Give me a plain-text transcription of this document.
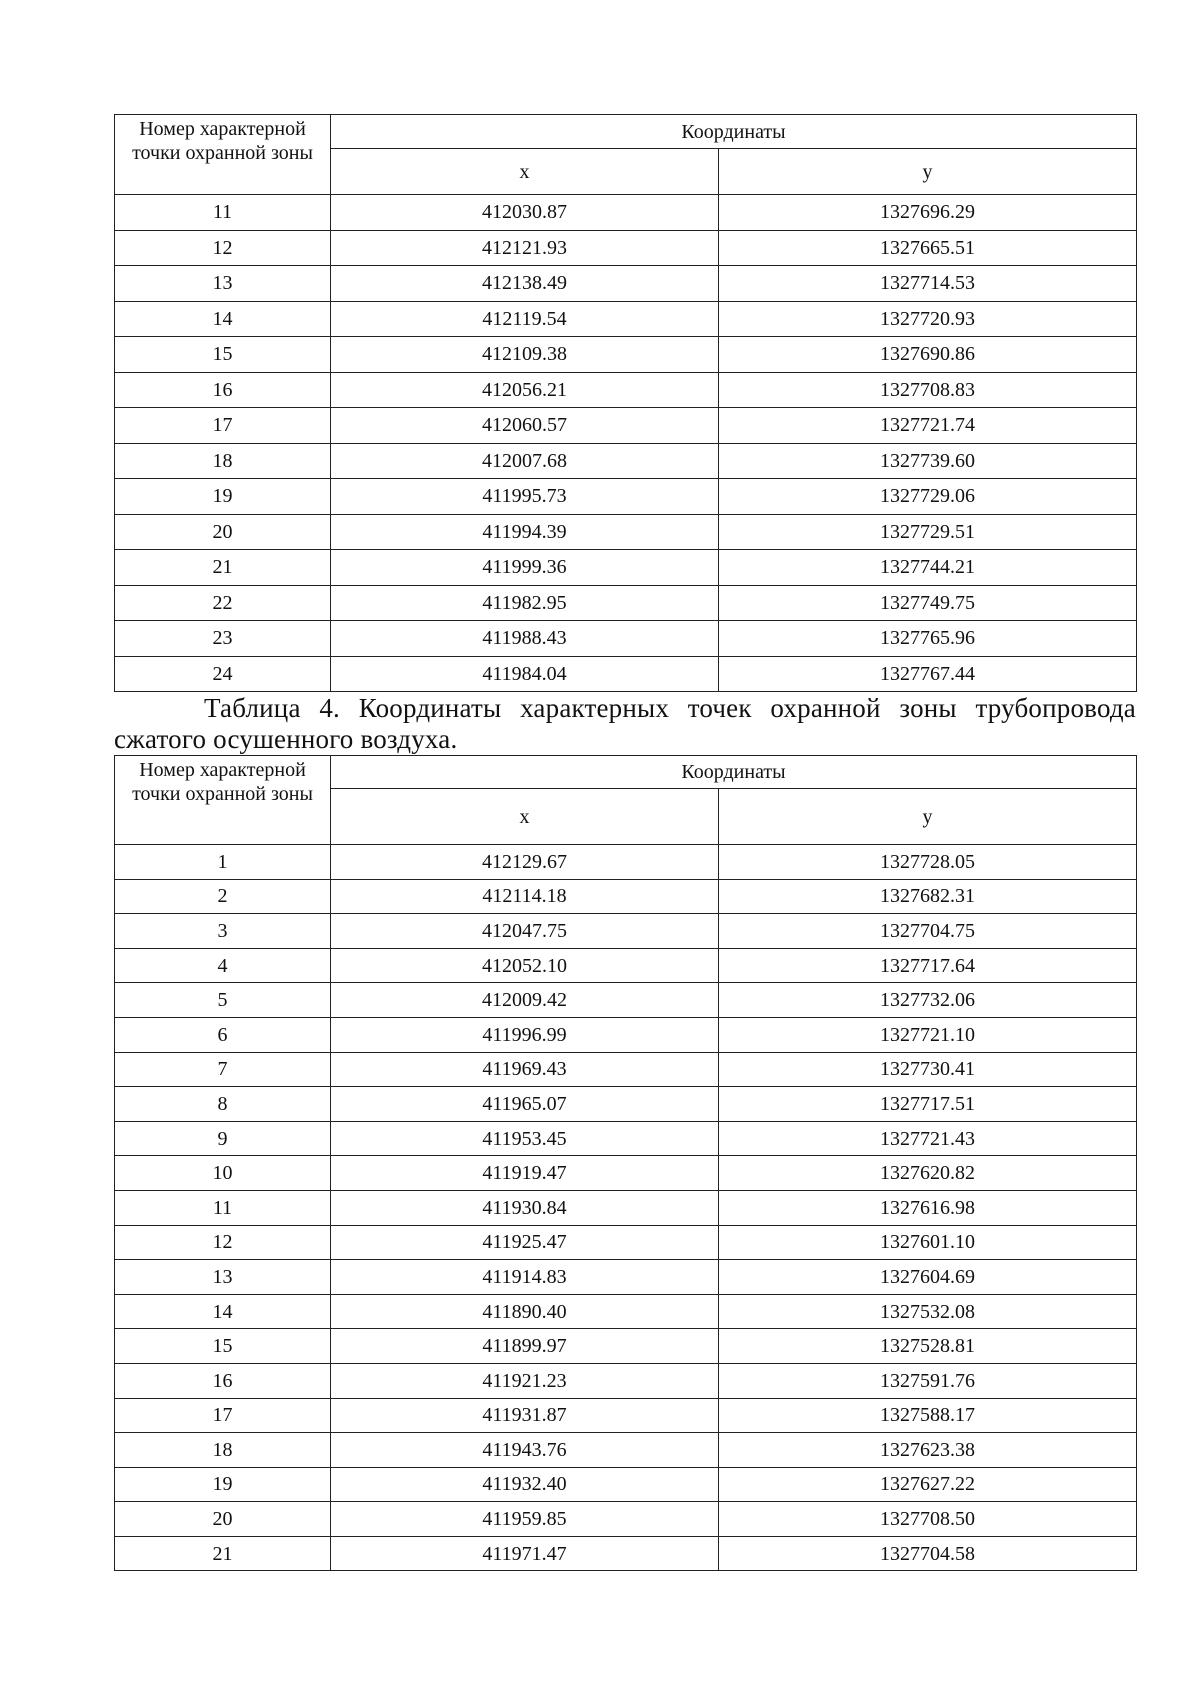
Номер характерной точки охранной зоны	Координаты	
	x	y
11	412030.87	1327696.29
12	412121.93	1327665.51
13	412138.49	1327714.53
14	412119.54	1327720.93
15	412109.38	1327690.86
16	412056.21	1327708.83
17	412060.57	1327721.74
18	412007.68	1327739.60
19	411995.73	1327729.06
20	411994.39	1327729.51
21	411999.36	1327744.21
22	411982.95	1327749.75
23	411988.43	1327765.96
24	411984.04	1327767.44
Таблица 4. Координаты характерных точек охранной зоны трубопровода сжатого осушенного воздуха.
Номер характерной точки охранной зоны	Координаты	
	x	y
1	412129.67	1327728.05
2	412114.18	1327682.31
3	412047.75	1327704.75
4	412052.10	1327717.64
5	412009.42	1327732.06
6	411996.99	1327721.10
7	411969.43	1327730.41
8	411965.07	1327717.51
9	411953.45	1327721.43
10	411919.47	1327620.82
11	411930.84	1327616.98
12	411925.47	1327601.10
13	411914.83	1327604.69
14	411890.40	1327532.08
15	411899.97	1327528.81
16	411921.23	1327591.76
17	411931.87	1327588.17
18	411943.76	1327623.38
19	411932.40	1327627.22
20	411959.85	1327708.50
21	411971.47	1327704.58
